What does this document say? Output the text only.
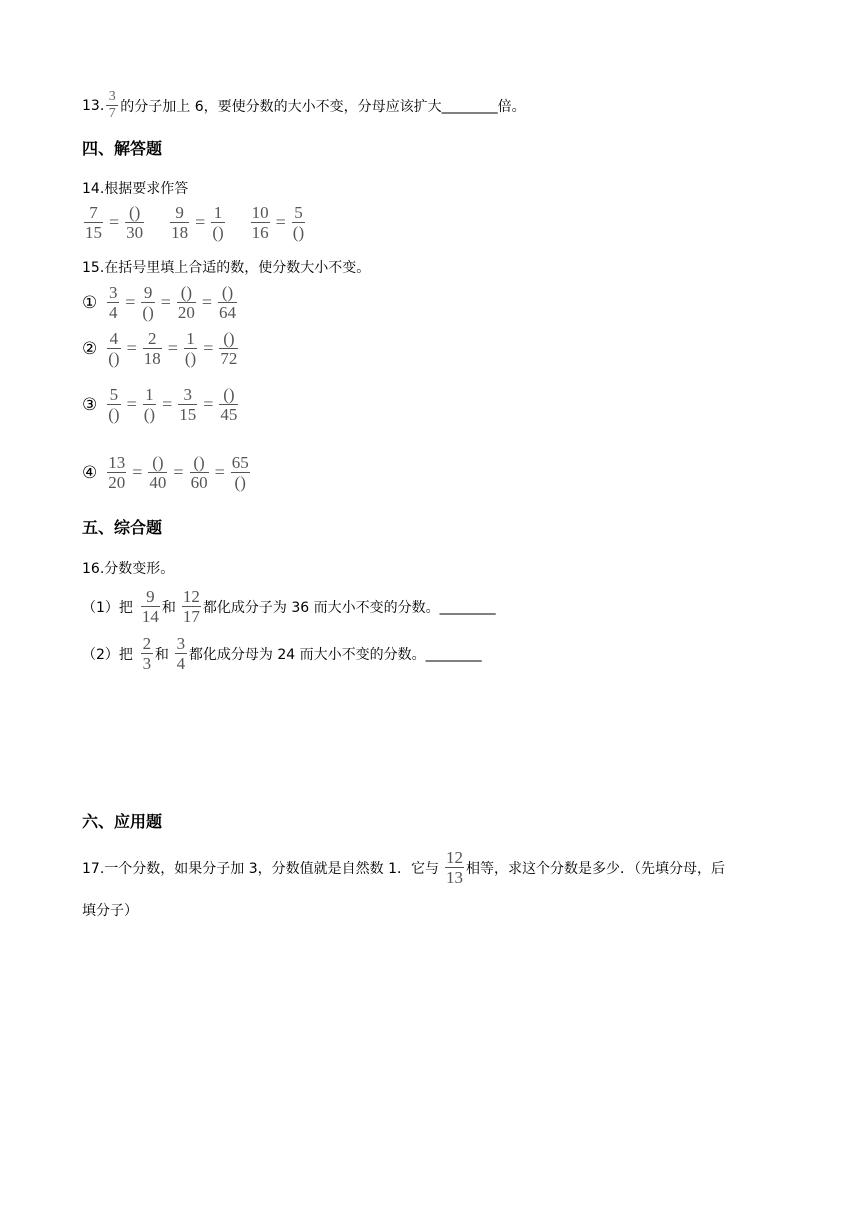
13. $\frac{3}{7}$ 的分子加上 6，要使分数的大小不变，分母应该扩大 ________ 倍。
四、解答题
14.根据要求作答
$\frac{7}{15} = \frac{()}{30} \frac{9}{18} = \frac{1}{()} \frac{10}{16} = \frac{5}{()}$
15.在括号里填上合适的数，使分数大小不变。
① $\frac{3}{4} = \frac{9}{()} = \frac{()}{20} = \frac{()}{64}$
② $\frac{4}{()} = \frac{2}{18} = \frac{1}{()} = \frac{()}{72}$
③ $\frac{5}{()} = \frac{1}{()} = \frac{3}{15} = \frac{()}{45}$
④ $\frac{13}{20} = \frac{()}{40} = \frac{()}{60} = \frac{65}{()}$
五、综合题
16.分数变形。
（1）把 $\frac{9}{14}$ 和 $\frac{12}{17}$ 都化成分子为 36 而大小不变的分数。 ________
（2）把 $\frac{2}{3}$ 和 $\frac{3}{4}$ 都化成分母为 24 而大小不变的分数。 ________
六、应用题
17.一个分数，如果分子加 3，分数值就是自然数 1．它与 $\frac{12}{13}$ 相等，求这个分数是多少．（先填分母，后
填分子）
